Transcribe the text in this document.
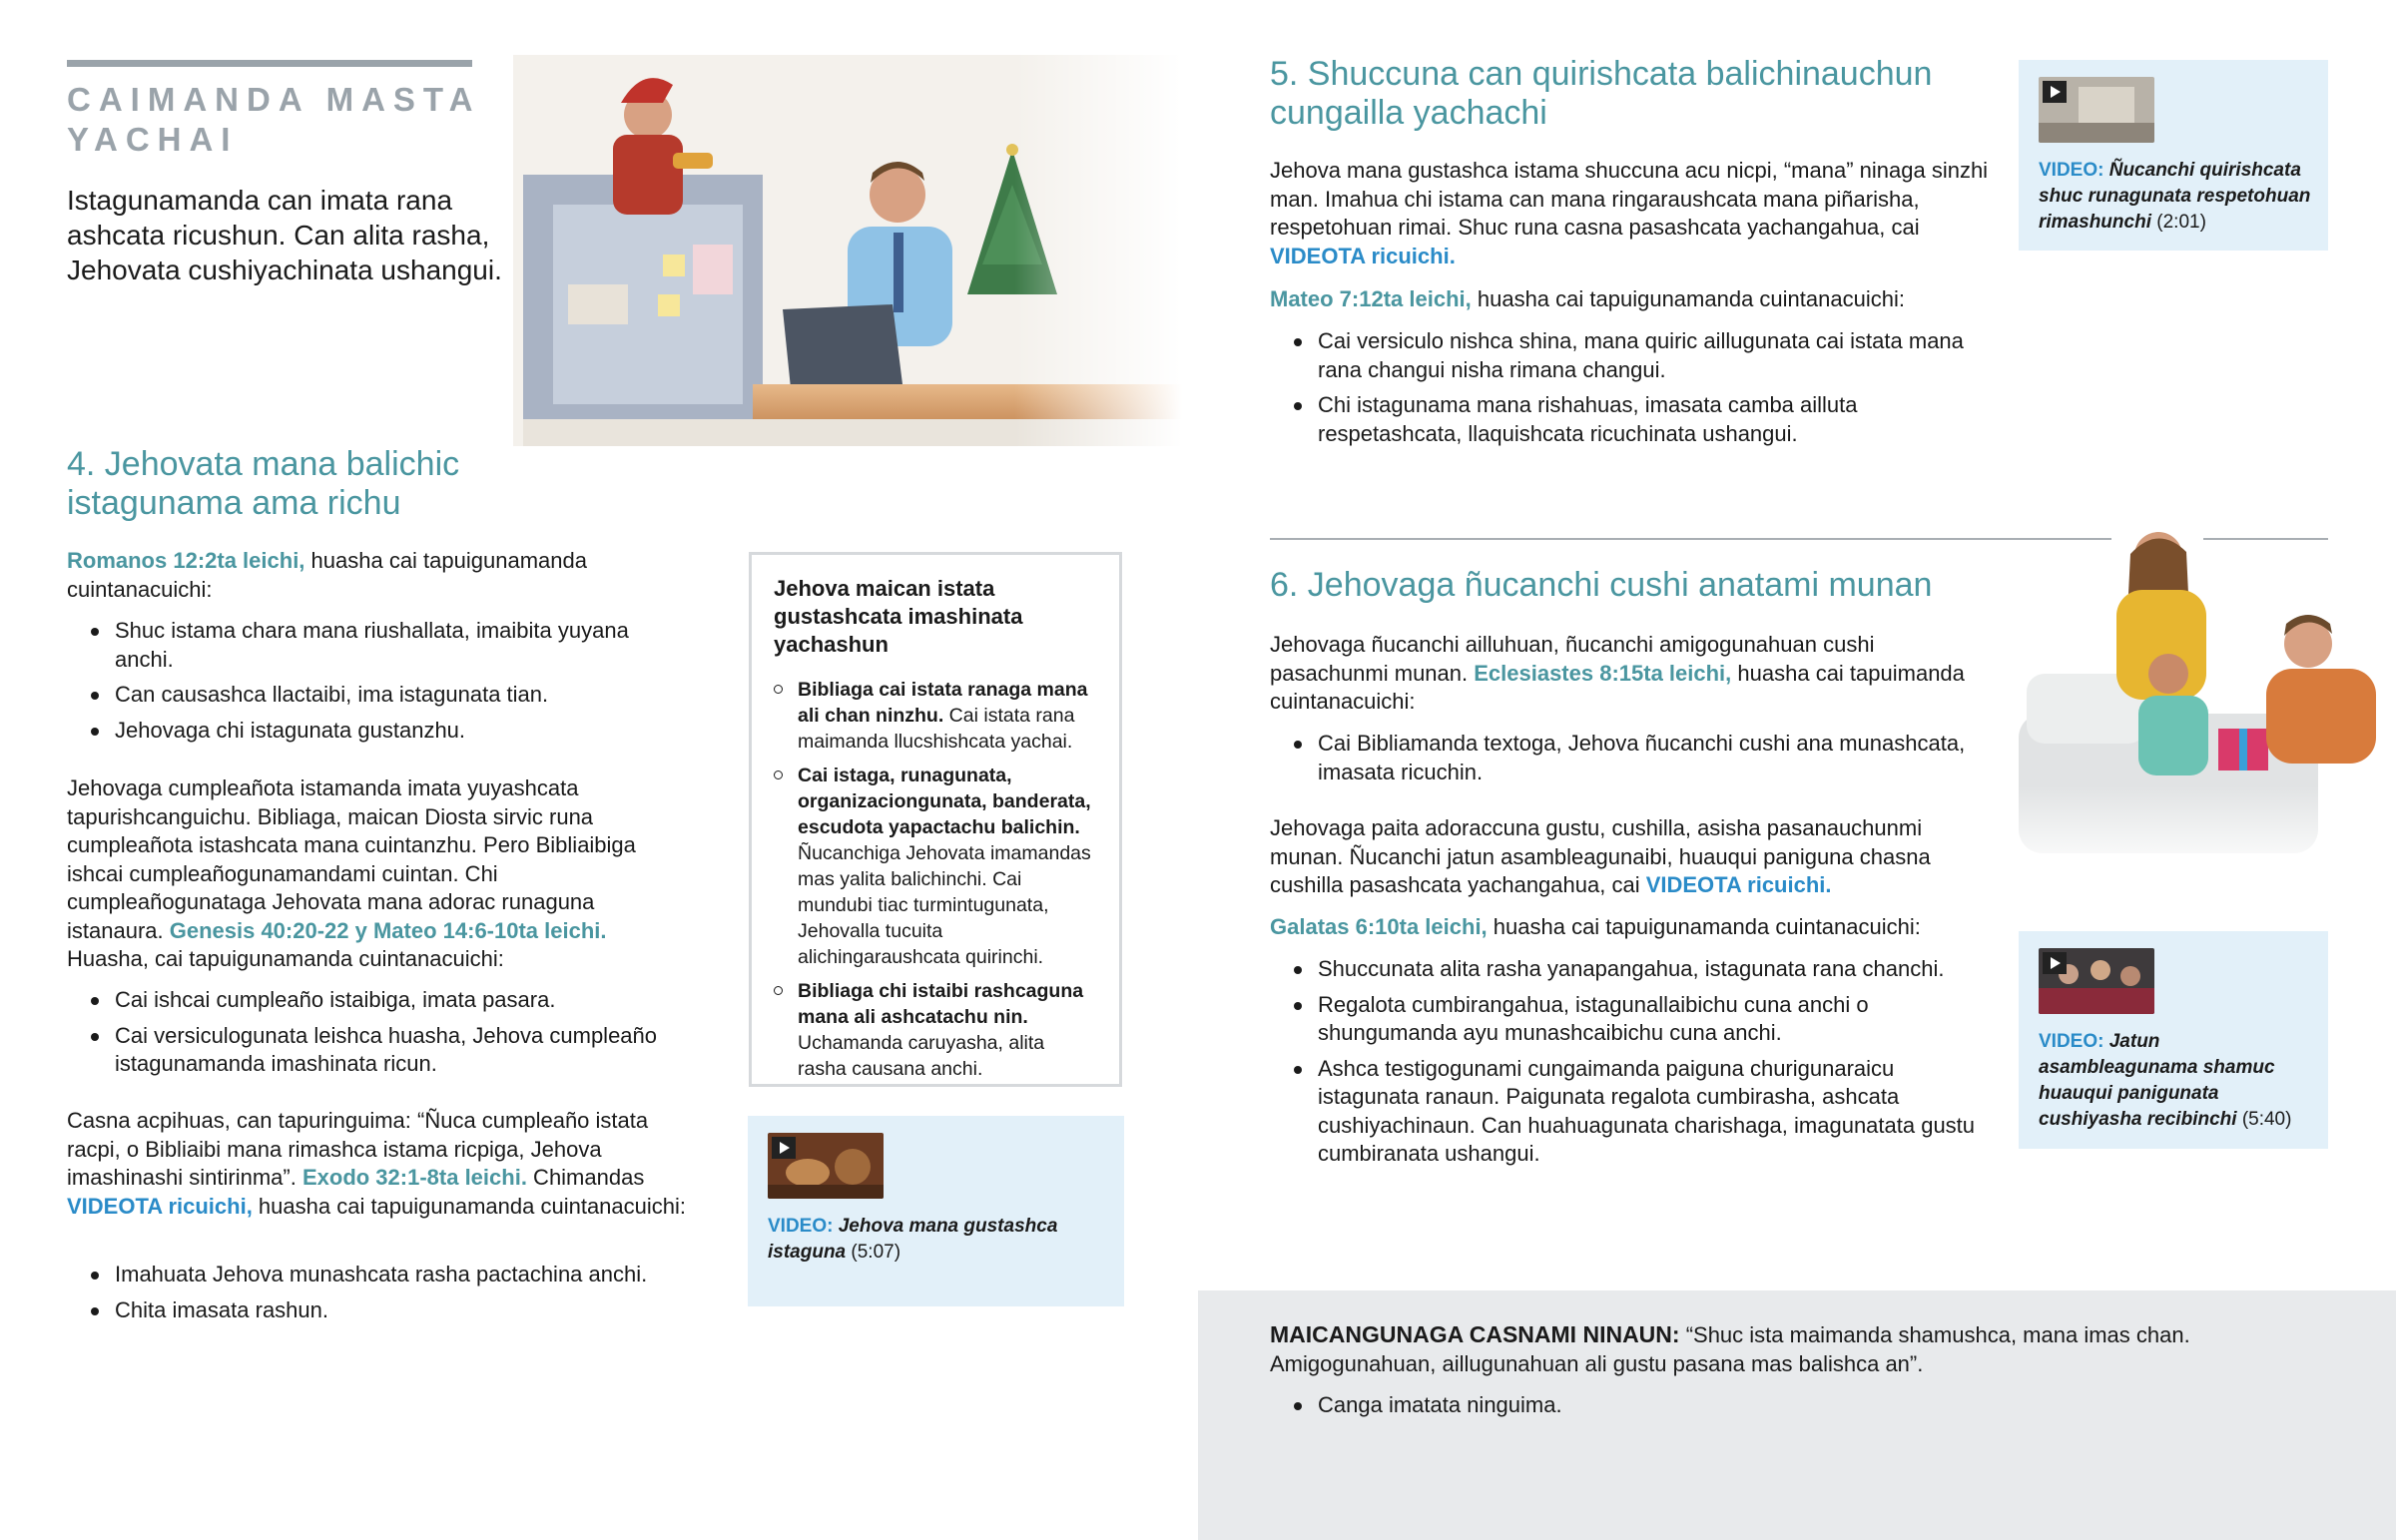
CAIMANDA MASTA YACHAI
Istagunamanda can imata rana ashcata ricushun. Can alita rasha, Jehovata cushiyachinata ushangui.
4. Jehovata mana balichic istagunama ama richu
Romanos 12:2ta leichi, huasha cai tapuigunamanda cuintanacuichi:
Shuc istama chara mana riushallata, imaibita yuyana anchi.
Can causashca llactaibi, ima istagunata tian.
Jehovaga chi istagunata gustanzhu.
Jehovaga cumpleañota istamanda imata yuyashcata tapurishcanguichu. Bibliaga, maican Diosta sirvic runa cumpleañota istashcata mana cuintanzhu. Pero Bibliaibiga ishcai cumpleañogunamandami cuintan. Chi cumpleañogunataga Jehovata mana adorac runaguna istanaura. Genesis 40:20-22 y Mateo 14:6-10ta leichi. Huasha, cai tapuigunamanda cuintanacuichi:
Cai ishcai cumpleaño istaibiga, imata pasara.
Cai versiculogunata leishca huasha, Jehova cumpleaño istagunamanda imashinata ricun.
Casna acpihuas, can tapuringuima: “Ñuca cumpleaño istata racpi, o Bibliaibi mana rimashca istama ricpiga, Jehova imashinashi sintirinma”. Exodo 32:1-8ta leichi. Chimandas VIDEOTA ricuichi, huasha cai tapuigunamanda cuintanacuichi:
Imahuata Jehova munashcata rasha pactachina anchi.
Chita imasata rashun.
Jehova maican istata gustashcata imashinata yachashun
Bibliaga cai istata ranaga mana ali chan ninzhu. Cai istata rana maimanda llucshishcata yachai.
Cai istaga, runagunata, organizaciongunata, banderata, escudota yapactachu balichin. Ñucanchiga Jehovata imamandas mas yalita balichinchi. Cai mundubi tiac turmintugunata, Jehovalla tucuita alichingaraushcata quirinchi.
Bibliaga chi istaibi rashcaguna mana ali ashcatachu nin. Uchamanda caruyasha, alita rasha causana anchi.
VIDEO: Jehova mana gustashca istaguna (5:07)
5. Shuccuna can quirishcata balichinauchun cungailla yachachi
Jehova mana gustashca istama shuccuna acu nicpi, “mana” ninaga sinzhi man. Imahua chi istama can mana ringaraushcata mana piñarisha, respetohuan rimai. Shuc runa casna pasashcata yachangahua, cai VIDEOTA ricuichi.
Mateo 7:12ta leichi, huasha cai tapuigunamanda cuintanacuichi:
Cai versiculo nishca shina, mana quiric aillugunata cai istata mana rana changui nisha rimana changui.
Chi istagunama mana rishahuas, imasata camba ailluta respetashcata, llaquishcata ricuchinata ushangui.
VIDEO: Ñucanchi quirishcata shuc runagunata respetohuan rimashunchi (2:01)
6. Jehovaga ñucanchi cushi anatami munan
Jehovaga ñucanchi ailluhuan, ñucanchi amigogunahuan cushi pasachunmi munan. Eclesiastes 8:15ta leichi, huasha cai tapuimanda cuintanacuichi:
Cai Bibliamanda textoga, Jehova ñucanchi cushi ana munashcata, imasata ricuchin.
Jehovaga paita adoraccuna gustu, cushilla, asisha pasanauchunmi munan. Ñucanchi jatun asambleagunaibi, huauqui paniguna chasna cushilla pasashcata yachangahua, cai VIDEOTA ricuichi.
Galatas 6:10ta leichi, huasha cai tapuigunamanda cuintanacuichi:
Shuccunata alita rasha yanapangahua, istagunata rana chanchi.
Regalota cumbirangahua, istagunallaibichu cuna anchi o shungumanda ayu munashcaibichu cuna anchi.
Ashca testigogunami cungaimanda paiguna churigunaraicu istagunata ranaun. Paigunata regalota cumbirasha, ashcata cushiyachinaun. Can huahuagunata charishaga, imagunatata gustu cumbiranata ushangui.
VIDEO: Jatun asambleagunama shamuc huauqui panigunata cushiyasha recibinchi (5:40)
MAICANGUNAGA CASNAMI NINAUN: “Shuc ista maimanda shamushca, mana imas chan. Amigogunahuan, aillugunahuan ali gustu pasana mas balishca an”.
Canga imatata ninguima.
